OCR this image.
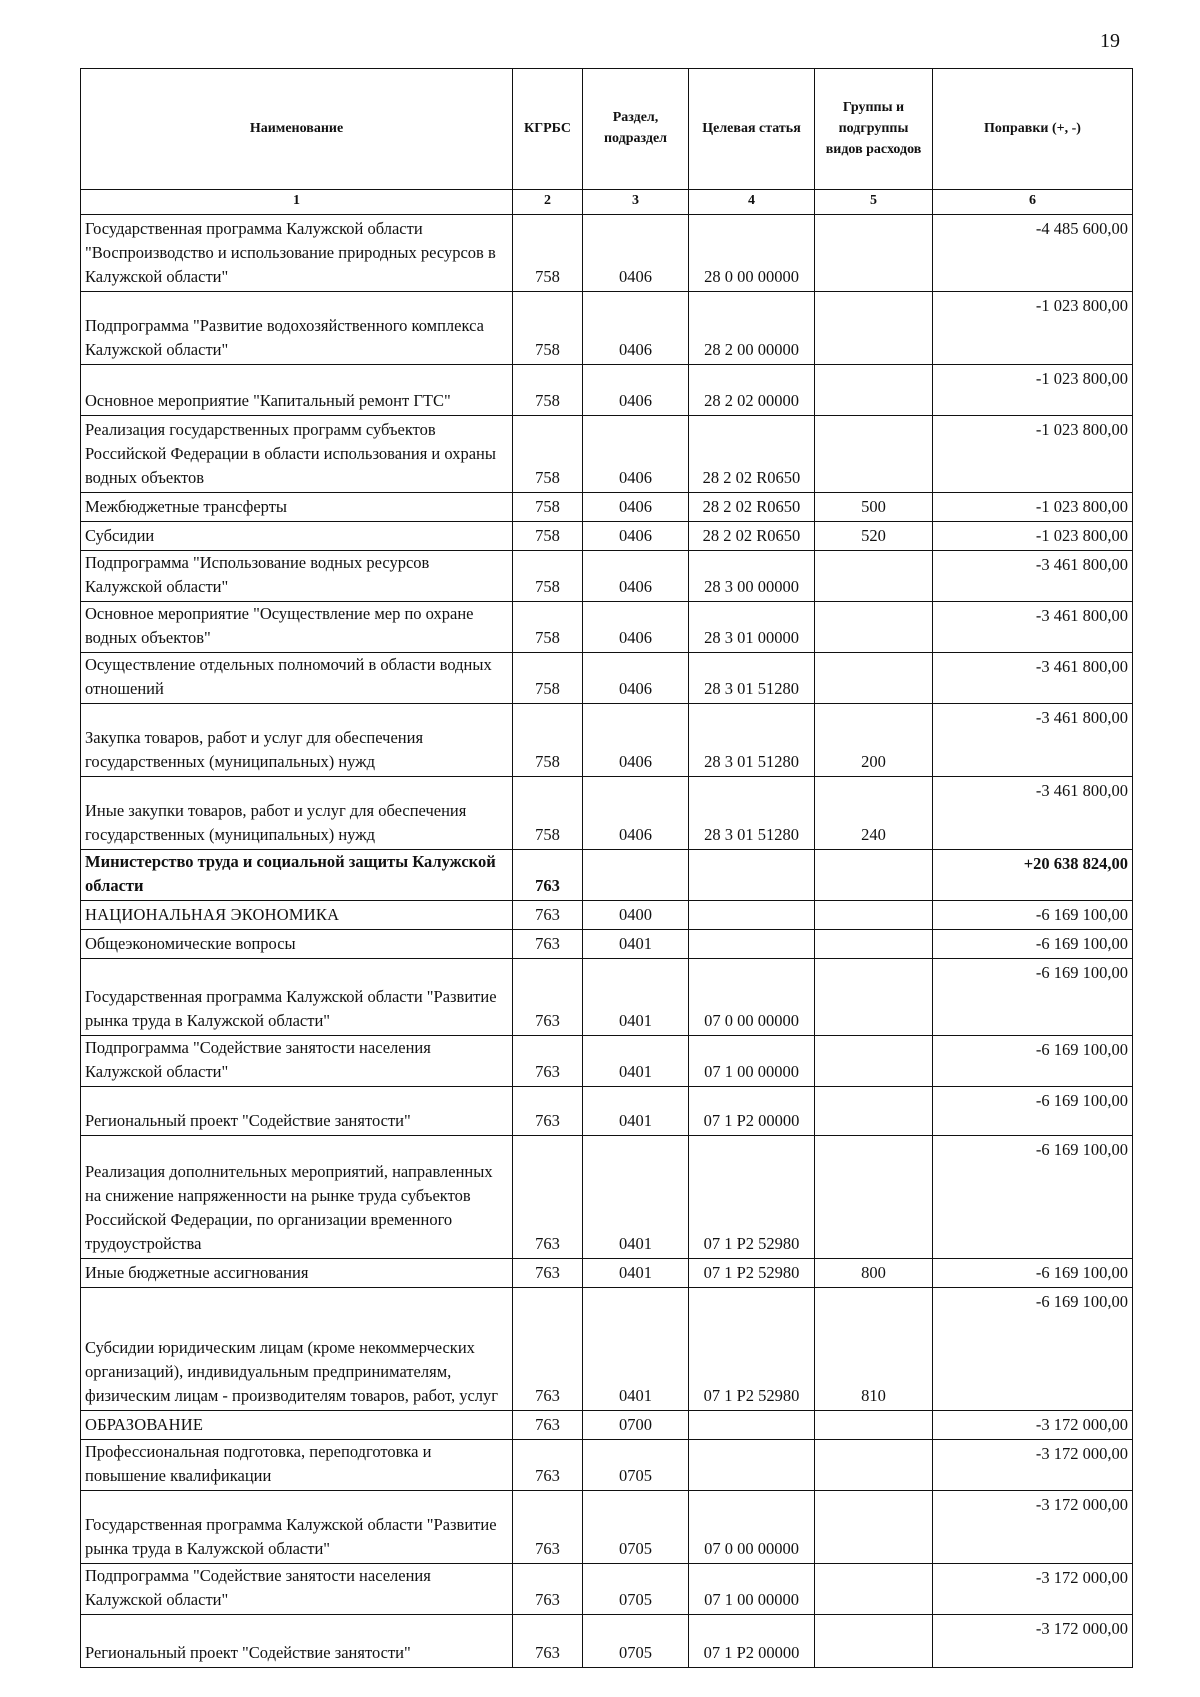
19
Наименование	КГРБС	Раздел, подраздел	Целевая статья	Группы и подгруппы видов расходов	Поправки (+, -)
1	2	3	4	5	6
Государственная программа Калужской области "Воспроизводство и использование природных ресурсов в Калужской области"	758	0406	28 0 00 00000		-4 485 600,00
Подпрограмма "Развитие водохозяйственного комплекса Калужской области"	758	0406	28 2 00 00000		-1 023 800,00
Основное мероприятие "Капитальный ремонт ГТС"	758	0406	28 2 02 00000		-1 023 800,00
Реализация государственных программ субъектов Российской Федерации в области использования и охраны водных объектов	758	0406	28 2 02 R0650		-1 023 800,00
Межбюджетные трансферты	758	0406	28 2 02 R0650	500	-1 023 800,00
Субсидии	758	0406	28 2 02 R0650	520	-1 023 800,00
Подпрограмма "Использование водных ресурсов Калужской области"	758	0406	28 3 00 00000		-3 461 800,00
Основное мероприятие "Осуществление мер по охране водных объектов"	758	0406	28 3 01 00000		-3 461 800,00
Осуществление отдельных полномочий в области водных отношений	758	0406	28 3 01 51280		-3 461 800,00
Закупка товаров, работ и услуг для обеспечения государственных (муниципальных) нужд	758	0406	28 3 01 51280	200	-3 461 800,00
Иные закупки товаров, работ и услуг для обеспечения государственных (муниципальных) нужд	758	0406	28 3 01 51280	240	-3 461 800,00
Министерство труда и социальной защиты Калужской области	763				+20 638 824,00
НАЦИОНАЛЬНАЯ ЭКОНОМИКА	763	0400			-6 169 100,00
Общеэкономические вопросы	763	0401			-6 169 100,00
Государственная программа Калужской области "Развитие рынка труда в Калужской области"	763	0401	07 0 00 00000		-6 169 100,00
Подпрограмма "Содействие занятости населения Калужской области"	763	0401	07 1 00 00000		-6 169 100,00
Региональный проект "Содействие занятости"	763	0401	07 1 P2 00000		-6 169 100,00
Реализация дополнительных мероприятий, направленных на снижение напряженности на рынке труда субъектов Российской Федерации, по организации временного трудоустройства	763	0401	07 1 P2 52980		-6 169 100,00
Иные бюджетные ассигнования	763	0401	07 1 P2 52980	800	-6 169 100,00
Субсидии юридическим лицам (кроме некоммерческих организаций), индивидуальным предпринимателям, физическим лицам - производителям товаров, работ, услуг	763	0401	07 1 P2 52980	810	-6 169 100,00
ОБРАЗОВАНИЕ	763	0700			-3 172 000,00
Профессиональная подготовка, переподготовка и повышение квалификации	763	0705			-3 172 000,00
Государственная программа Калужской области "Развитие рынка труда в Калужской области"	763	0705	07 0 00 00000		-3 172 000,00
Подпрограмма "Содействие занятости населения Калужской области"	763	0705	07 1 00 00000		-3 172 000,00
Региональный проект "Содействие занятости"	763	0705	07 1 P2 00000		-3 172 000,00
